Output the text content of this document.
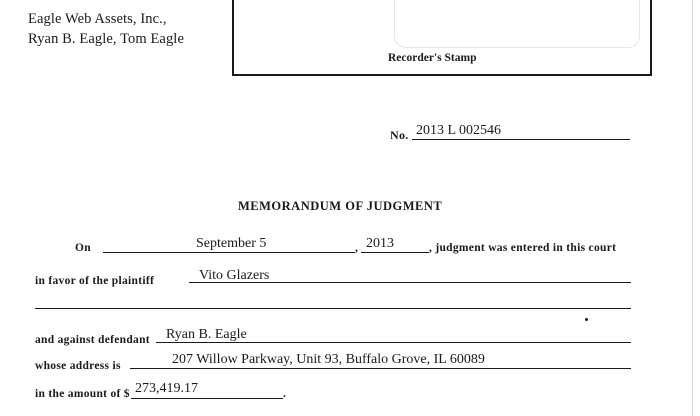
Eagle Web Assets, Inc.,
Ryan B. Eagle, Tom Eagle
Recorder's Stamp
No. 2013 L 002546
MEMORANDUM OF JUDGMENT
On	September 5	, 2013	, judgment was entered in this court
in favor of the plaintiff	Vito Glazers
and against defendant Ryan B. Eagle
whose address is	207 Willow Parkway, Unit 93, Buffalo Grove, IL 60089
in the amount of $ 273,419.17	.
